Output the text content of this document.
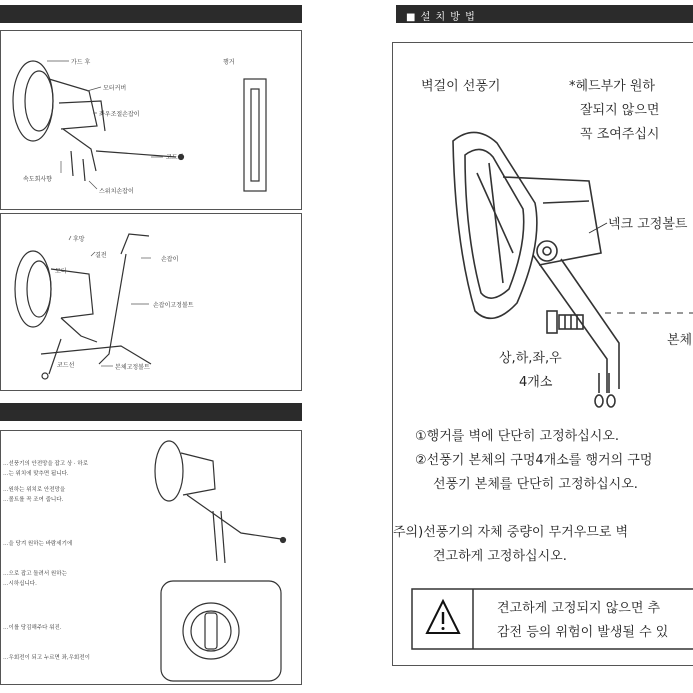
가드 후
모터커버
좌우조절손잡이
코드선
속도회사향
스위치손잡이
행거
후망
결전
모터
손잡이
손잡이고정볼트
코드선	본체고정볼트
…선풍기의 안전망을 잡고 상 · 하로
…는 위치에 맞추면 됩니다.
…원하는 위치로 안전망을
…볼트를 꼭 조여 줍니다.
…을 당겨 원하는 바람세기에
…으로 잡고 돌려서 원하는
…시하십니다.
…이를 당김해주다 워진.
…우회전이 되고 누르면 좌,우회전이
■ 설 치 방 법
벽걸이 선풍기	*헤드부가 원하
잘되지 않으면
꼭 조여주십시
넥크 고정볼트
본체
상,하,좌,우
4개소
①행거를 벽에 단단히 고정하십시오.
②선풍기 본체의 구멍4개소를 행거의 구멍
선풍기 본체를 단단히 고정하십시오.
주의)선풍기의 자체 중량이 무거우므로 벽
견고하게 고정하십시오.
견고하게 고정되지 않으면 추
감전 등의 위험이 발생될 수 있
